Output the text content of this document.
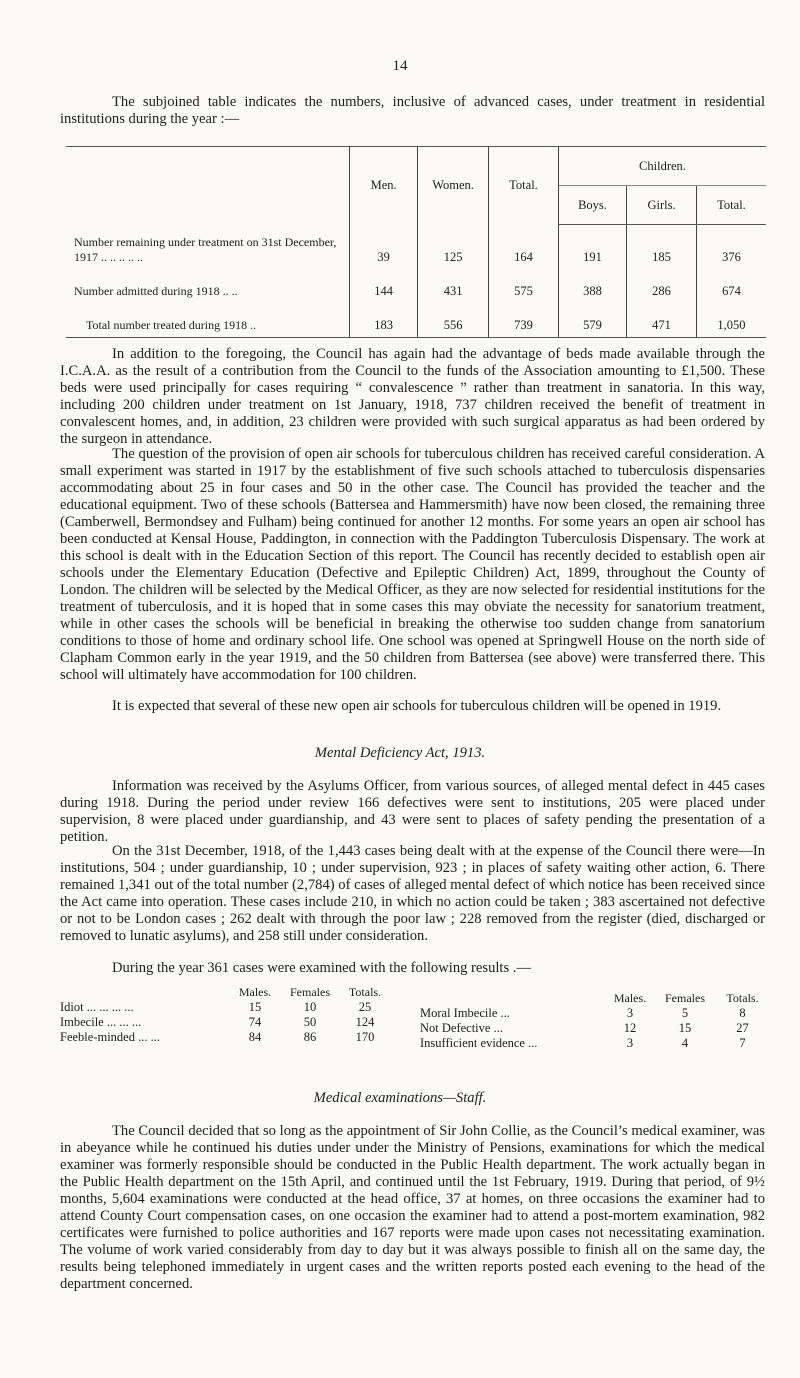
14

The subjoined table indicates the numbers, inclusive of advanced cases, under treatment in residential institutions during the year :—

	Men.	Women.	Total.	Children.		
				Boys.	Girls.	Total.
Number remaining under treatment on 31st December, 1917 .. .. .. .. ..	39	125	164	191	185	376
Number admitted during 1918 .. ..	144	431	575	388	286	674
Total number treated during 1918 ..	183	556	739	579	471	1,050

In addition to the foregoing, the Council has again had the advantage of beds made available through the I.C.A.A. as the result of a contribution from the Council to the funds of the Association amounting to £1,500. These beds were used principally for cases requiring “ convalescence ” rather than treatment in sanatoria. In this way, including 200 children under treatment on 1st January, 1918, 737 children received the benefit of treatment in convalescent homes, and, in addition, 23 children were provided with such surgical apparatus as had been ordered by the surgeon in attendance.

The question of the provision of open air schools for tuberculous children has received careful consideration. A small experiment was started in 1917 by the establishment of five such schools attached to tuberculosis dispensaries accommodating about 25 in four cases and 50 in the other case. The Council has provided the teacher and the educational equipment. Two of these schools (Battersea and Hammersmith) have now been closed, the remaining three (Camberwell, Bermondsey and Fulham) being continued for another 12 months. For some years an open air school has been conducted at Kensal House, Paddington, in connection with the Paddington Tuberculosis Dispensary. The work at this school is dealt with in the Education Section of this report. The Council has recently decided to establish open air schools under the Elementary Education (Defective and Epileptic Children) Act, 1899, throughout the County of London. The children will be selected by the Medical Officer, as they are now selected for residential institutions for the treatment of tuberculosis, and it is hoped that in some cases this may obviate the necessity for sanatorium treatment, while in other cases the schools will be beneficial in breaking the otherwise too sudden change from sanatorium conditions to those of home and ordinary school life. One school was opened at Springwell House on the north side of Clapham Common early in the year 1919, and the 50 children from Battersea (see above) were transferred there. This school will ultimately have accommodation for 100 children.

It is expected that several of these new open air schools for tuberculous children will be opened in 1919.

Mental Deficiency Act, 1913.

Information was received by the Asylums Officer, from various sources, of alleged mental defect in 445 cases during 1918. During the period under review 166 defectives were sent to institutions, 205 were placed under supervision, 8 were placed under guardianship, and 43 were sent to places of safety pending the presentation of a petition.

On the 31st December, 1918, of the 1,443 cases being dealt with at the expense of the Council there were—In institutions, 504 ; under guardianship, 10 ; under supervision, 923 ; in places of safety waiting other action, 6. There remained 1,341 out of the total number (2,784) of cases of alleged mental defect of which notice has been received since the Act came into operation. These cases include 210, in which no action could be taken ; 383 ascertained not defective or not to be London cases ; 262 dealt with through the poor law ; 228 removed from the register (died, discharged or removed to lunatic asylums), and 258 still under consideration.

During the year 361 cases were examined with the following results .—

	Males.	Females	Totals.
Idiot ... ... ... ...	15	10	25
Imbecile ... ... ...	74	50	124
Feeble-minded ... ...	84	86	170
	Males.	Females	Totals.
Moral Imbecile ...	3	5	8
Not Defective ...	12	15	27
Insufficient evidence ...	3	4	7
Medical examinations—Staff.

The Council decided that so long as the appointment of Sir John Collie, as the Council’s medical examiner, was in abeyance while he continued his duties under under the Ministry of Pensions, examinations for which the medical examiner was formerly responsible should be conducted in the Public Health department. The work actually began in the Public Health department on the 15th April, and continued until the 1st February, 1919. During that period, of 9½ months, 5,604 examinations were conducted at the head office, 37 at homes, on three occasions the examiner had to attend County Court compensation cases, on one occasion the examiner had to attend a post-mortem examination, 982 certificates were furnished to police authorities and 167 reports were made upon cases not necessitating examination. The volume of work varied considerably from day to day but it was always possible to finish all on the same day, the results being telephoned immediately in urgent cases and the written reports posted each evening to the head of the department concerned.
